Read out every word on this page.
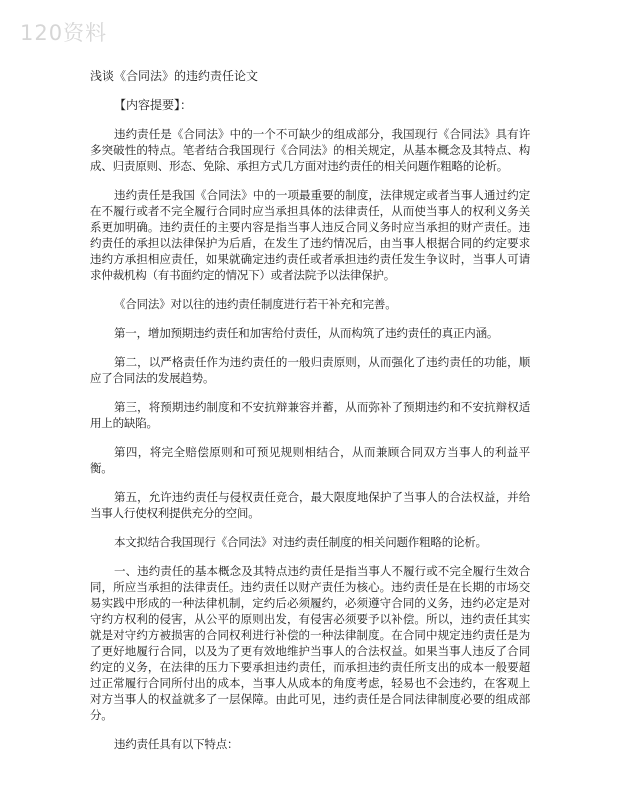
120资料

浅谈《合同法》的违约责任论文

【内容提要】：

违约责任是《合同法》中的一个不可缺少的组成部分，我国现行《合同法》具有许多突破性的特点。笔者结合我国现行《合同法》的相关规定，从基本概念及其特点、构成、归责原则、形态、免除、承担方式几方面对违约责任的相关问题作粗略的论析。

违约责任是我国《合同法》中的一项最重要的制度，法律规定或者当事人通过约定在不履行或者不完全履行合同时应当承担具体的法律责任，从而使当事人的权利义务关系更加明确。违约责任的主要内容是指当事人违反合同义务时应当承担的财产责任。违约责任的承担以法律保护为后盾，在发生了违约情况后，由当事人根据合同的约定要求违约方承担相应责任，如果就确定违约责任或者承担违约责任发生争议时，当事人可请求仲裁机构（有书面约定的情况下）或者法院予以法律保护。

《合同法》对以往的违约责任制度进行若干补充和完善。

第一，增加预期违约责任和加害给付责任，从而构筑了违约责任的真正内涵。

第二，以严格责任作为违约责任的一般归责原则，从而强化了违约责任的功能，顺应了合同法的发展趋势。

第三，将预期违约制度和不安抗辩兼容并蓄，从而弥补了预期违约和不安抗辩权适用上的缺陷。

第四，将完全赔偿原则和可预见规则相结合，从而兼顾合同双方当事人的利益平衡。

第五，允许违约责任与侵权责任竞合，最大限度地保护了当事人的合法权益，并给当事人行使权利提供充分的空间。

本文拟结合我国现行《合同法》对违约责任制度的相关问题作粗略的论析。

一、违约责任的基本概念及其特点违约责任是指当事人不履行或不完全履行生效合同，所应当承担的法律责任。违约责任以财产责任为核心。违约责任是在长期的市场交易实践中形成的一种法律机制，定约后必须履约，必须遵守合同的义务，违约必定是对守约方权利的侵害，从公平的原则出发，有侵害必须要予以补偿。所以，违约责任其实就是对守约方被损害的合同权利进行补偿的一种法律制度。在合同中规定违约责任是为了更好地履行合同，以及为了更有效地维护当事人的合法权益。如果当事人违反了合同约定的义务，在法律的压力下要承担违约责任，而承担违约责任所支出的成本一般要超过正常履行合同所付出的成本，当事人从成本的角度考虑，轻易也不会违约，在客观上对方当事人的权益就多了一层保障。由此可见，违约责任是合同法律制度必要的组成部分。

违约责任具有以下特点：
